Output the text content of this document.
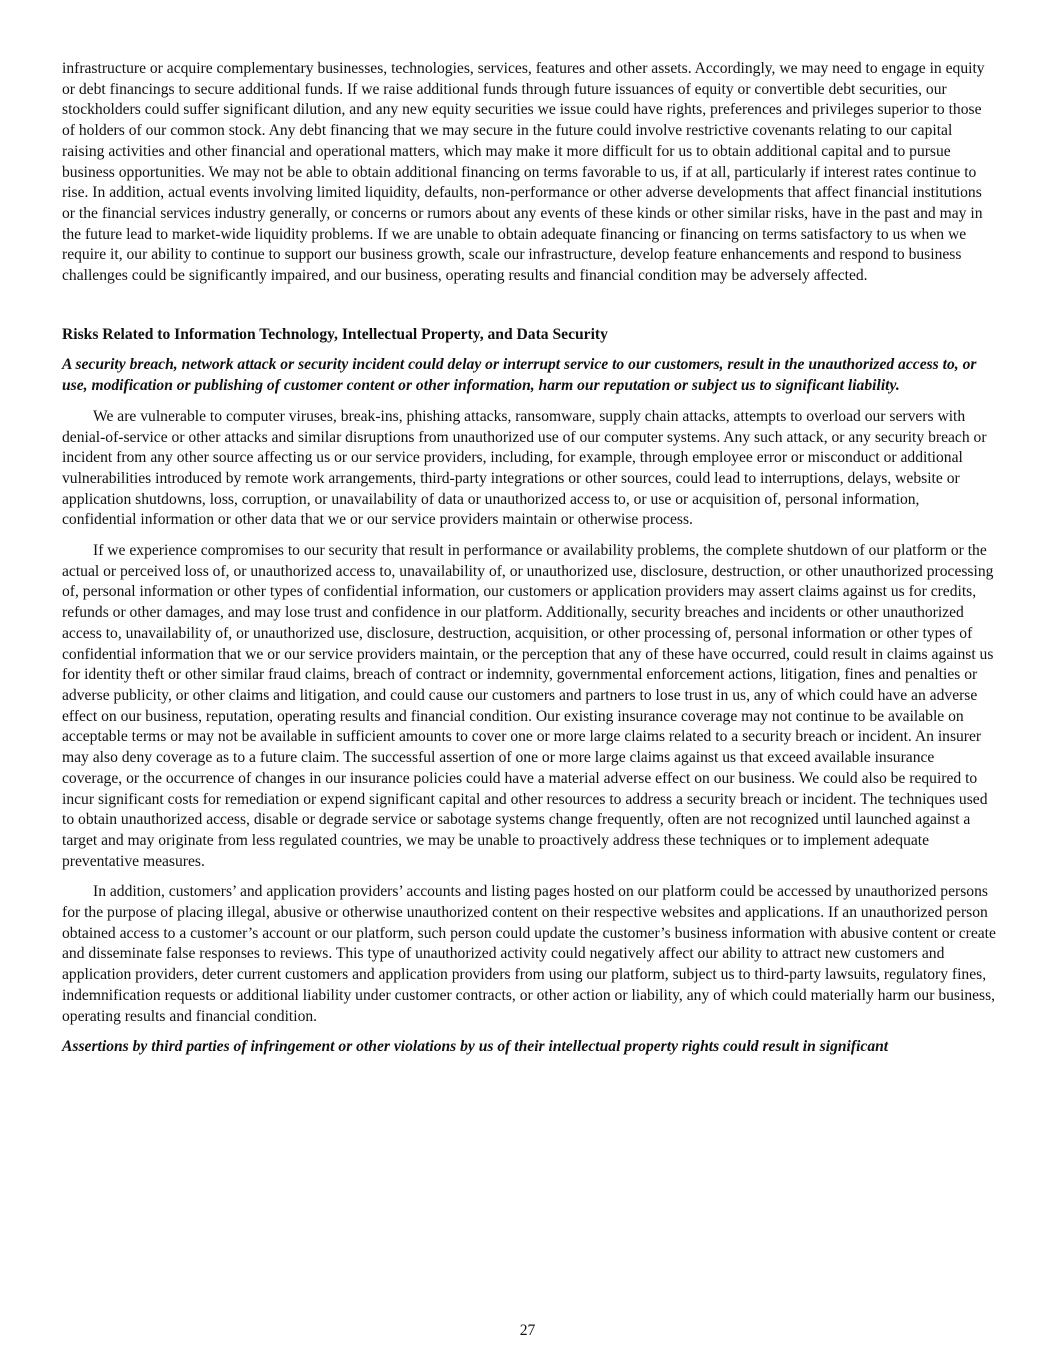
infrastructure or acquire complementary businesses, technologies, services, features and other assets. Accordingly, we may need to engage in equity or debt financings to secure additional funds. If we raise additional funds through future issuances of equity or convertible debt securities, our stockholders could suffer significant dilution, and any new equity securities we issue could have rights, preferences and privileges superior to those of holders of our common stock. Any debt financing that we may secure in the future could involve restrictive covenants relating to our capital raising activities and other financial and operational matters, which may make it more difficult for us to obtain additional capital and to pursue business opportunities. We may not be able to obtain additional financing on terms favorable to us, if at all, particularly if interest rates continue to rise. In addition, actual events involving limited liquidity, defaults, non-performance or other adverse developments that affect financial institutions or the financial services industry generally, or concerns or rumors about any events of these kinds or other similar risks, have in the past and may in the future lead to market-wide liquidity problems. If we are unable to obtain adequate financing or financing on terms satisfactory to us when we require it, our ability to continue to support our business growth, scale our infrastructure, develop feature enhancements and respond to business challenges could be significantly impaired, and our business, operating results and financial condition may be adversely affected.

Risks Related to Information Technology, Intellectual Property, and Data Security

A security breach, network attack or security incident could delay or interrupt service to our customers, result in the unauthorized access to, or use, modification or publishing of customer content or other information, harm our reputation or subject us to significant liability.

We are vulnerable to computer viruses, break-ins, phishing attacks, ransomware, supply chain attacks, attempts to overload our servers with denial-of-service or other attacks and similar disruptions from unauthorized use of our computer systems. Any such attack, or any security breach or incident from any other source affecting us or our service providers, including, for example, through employee error or misconduct or additional vulnerabilities introduced by remote work arrangements, third-party integrations or other sources, could lead to interruptions, delays, website or application shutdowns, loss, corruption, or unavailability of data or unauthorized access to, or use or acquisition of, personal information, confidential information or other data that we or our service providers maintain or otherwise process.

If we experience compromises to our security that result in performance or availability problems, the complete shutdown of our platform or the actual or perceived loss of, or unauthorized access to, unavailability of, or unauthorized use, disclosure, destruction, or other unauthorized processing of, personal information or other types of confidential information, our customers or application providers may assert claims against us for credits, refunds or other damages, and may lose trust and confidence in our platform. Additionally, security breaches and incidents or other unauthorized access to, unavailability of, or unauthorized use, disclosure, destruction, acquisition, or other processing of, personal information or other types of confidential information that we or our service providers maintain, or the perception that any of these have occurred, could result in claims against us for identity theft or other similar fraud claims, breach of contract or indemnity, governmental enforcement actions, litigation, fines and penalties or adverse publicity, or other claims and litigation, and could cause our customers and partners to lose trust in us, any of which could have an adverse effect on our business, reputation, operating results and financial condition. Our existing insurance coverage may not continue to be available on acceptable terms or may not be available in sufficient amounts to cover one or more large claims related to a security breach or incident. An insurer may also deny coverage as to a future claim. The successful assertion of one or more large claims against us that exceed available insurance coverage, or the occurrence of changes in our insurance policies could have a material adverse effect on our business. We could also be required to incur significant costs for remediation or expend significant capital and other resources to address a security breach or incident. The techniques used to obtain unauthorized access, disable or degrade service or sabotage systems change frequently, often are not recognized until launched against a target and may originate from less regulated countries, we may be unable to proactively address these techniques or to implement adequate preventative measures.

In addition, customers’ and application providers’ accounts and listing pages hosted on our platform could be accessed by unauthorized persons for the purpose of placing illegal, abusive or otherwise unauthorized content on their respective websites and applications. If an unauthorized person obtained access to a customer’s account or our platform, such person could update the customer’s business information with abusive content or create and disseminate false responses to reviews. This type of unauthorized activity could negatively affect our ability to attract new customers and application providers, deter current customers and application providers from using our platform, subject us to third-party lawsuits, regulatory fines, indemnification requests or additional liability under customer contracts, or other action or liability, any of which could materially harm our business, operating results and financial condition.

Assertions by third parties of infringement or other violations by us of their intellectual property rights could result in significant

27
